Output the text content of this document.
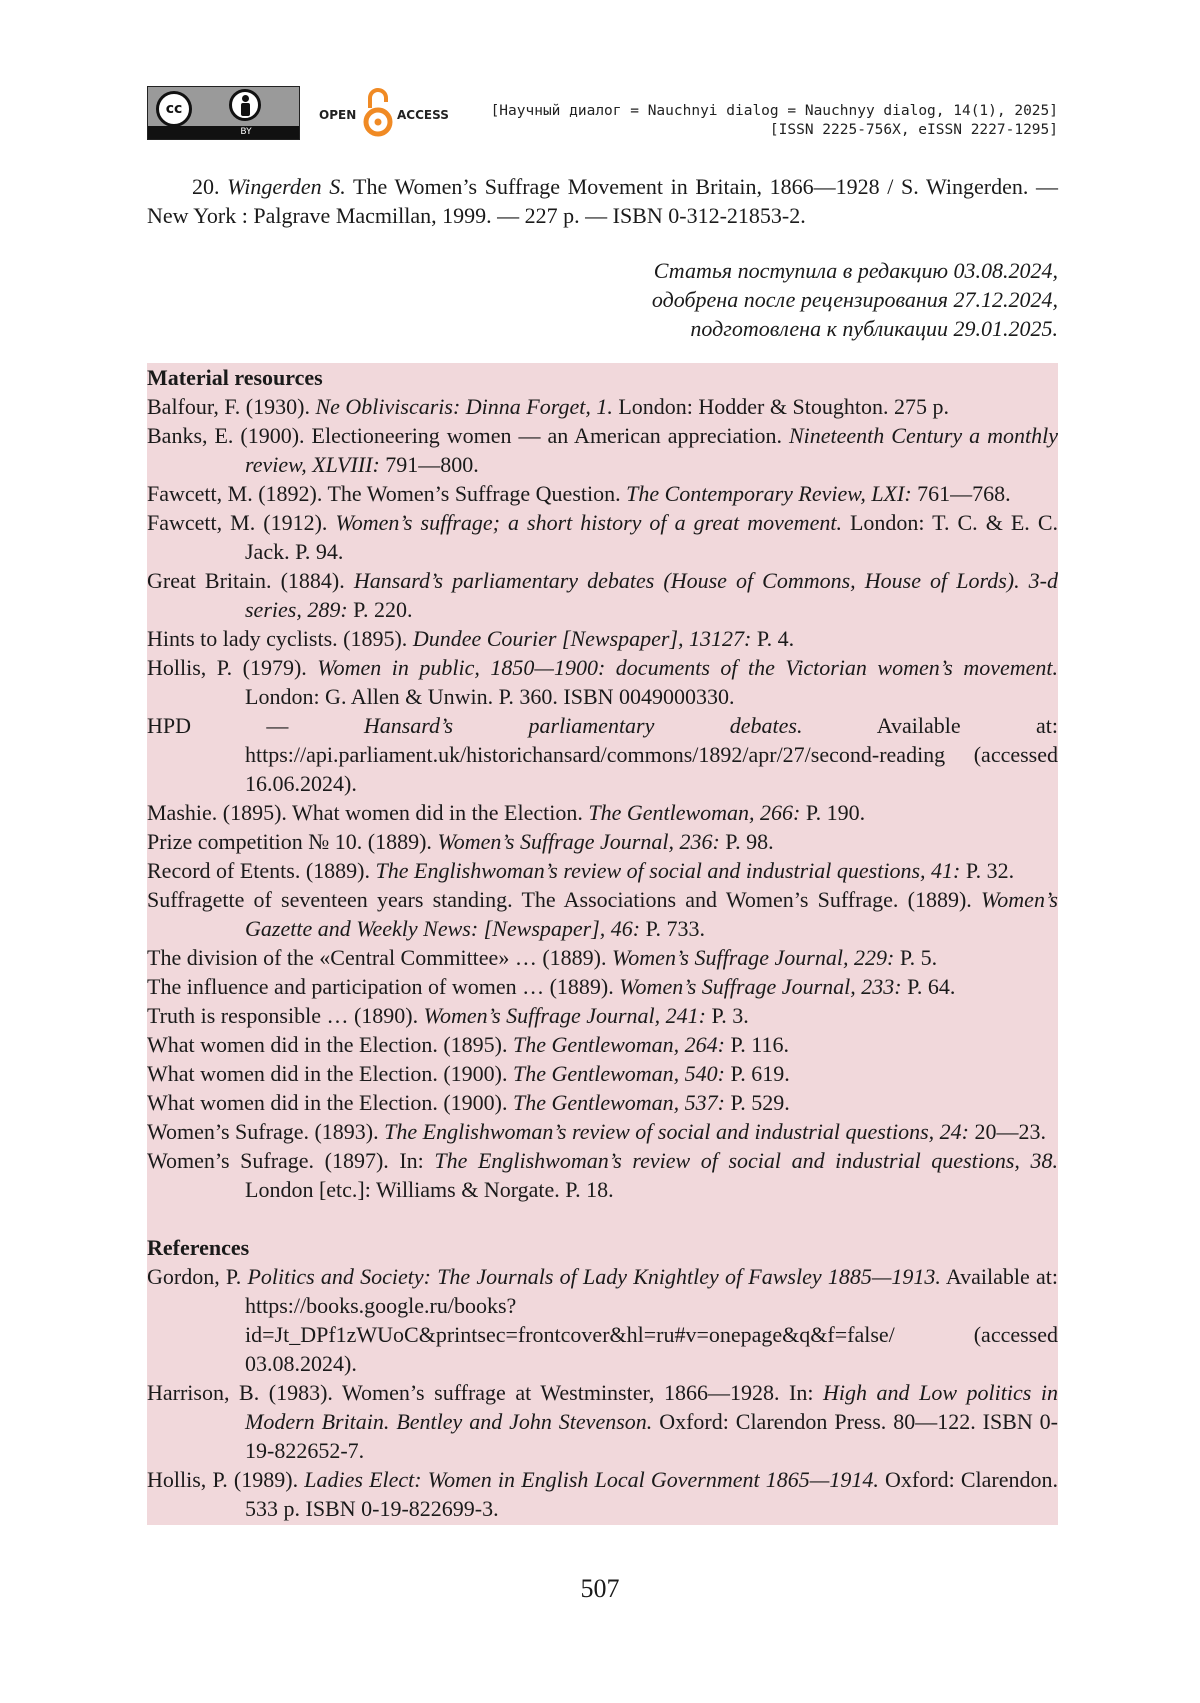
cc
BY
OPEN	ACCESS	[Научный диалог = Nauchnyi dialog = Nauchnyy dialog, 14(1), 2025]
[ISSN 2225-756X, eISSN 2227-1295]

20. Wingerden S. The Women’s Suffrage Movement in Britain, 1866—1928 / S. Wingerden. — New York : Palgrave Macmillan, 1999. — 227 p. — ISBN 0-312-21853-2.

Статья поступила в редакцию 03.08.2024,
одобрена после рецензирования 27.12.2024,
подготовлена к публикации 29.01.2025.

Material resources

Balfour, F. (1930). Ne Obliviscaris: Dinna Forget, 1. London: Hodder & Stoughton. 275 p.

Banks, E. (1900). Electioneering women — an American appreciation. Nineteenth Century a monthly review, XLVIII: 791—800.

Fawcett, M. (1892). The Women’s Suffrage Question. The Contemporary Review, LXI: 761—768.

Fawcett, M. (1912). Women’s suffrage; a short history of a great movement. London: T. C. & E. C. Jack. P. 94.

Great Britain. (1884). Hansard’s parliamentary debates (House of Commons, House of Lords). 3-d series, 289: P. 220.

Hints to lady cyclists. (1895). Dundee Courier [Newspaper], 13127: P. 4.

Hollis, P. (1979). Women in public, 1850—1900: documents of the Victorian women’s movement. London: G. Allen & Unwin. P. 360. ISBN 0049000330.

HPD — Hansard’s parliamentary debates. Available at: https://api.parliament.uk/historichansard/commons/1892/apr/27/second-reading (accessed 16.06.2024).

Mashie. (1895). What women did in the Election. The Gentlewoman, 266: P. 190.

Prize competition № 10. (1889). Women’s Suffrage Journal, 236: P. 98.

Record of Etents. (1889). The Englishwoman’s review of social and industrial questions, 41: P. 32.

Suffragette of seventeen years standing. The Associations and Women’s Suffrage. (1889). Women’s Gazette and Weekly News: [Newspaper], 46: P. 733.

The division of the «Central Committee» … (1889). Women’s Suffrage Journal, 229: P. 5.

The influence and participation of women … (1889). Women’s Suffrage Journal, 233: P. 64.

Truth is responsible … (1890). Women’s Suffrage Journal, 241: P. 3.

What women did in the Election. (1895). The Gentlewoman, 264: P. 116.

What women did in the Election. (1900). The Gentlewoman, 540: P. 619.

What women did in the Election. (1900). The Gentlewoman, 537: P. 529.

Women’s Sufrage. (1893). The Englishwoman’s review of social and industrial questions, 24: 20—23.

Women’s Sufrage. (1897). In: The Englishwoman’s review of social and industrial questions, 38. London [etc.]: Williams & Norgate. P. 18.

References

Gordon, P. Politics and Society: The Journals of Lady Knightley of Fawsley 1885—1913. Available at: https://books.google.ru/books?id=Jt_DPf1zWUoC&printsec=frontcover&hl=ru#v=onepage&q&f=false/ (accessed 03.08.2024).

Harrison, B. (1983). Women’s suffrage at Westminster, 1866—1928. In: High and Low politics in Modern Britain. Bentley and John Stevenson. Oxford: Clarendon Press. 80—122. ISBN 0-19-822652-7.

Hollis, P. (1989). Ladies Elect: Women in English Local Government 1865—1914. Oxford: Clarendon. 533 p. ISBN 0-19-822699-3.

507
